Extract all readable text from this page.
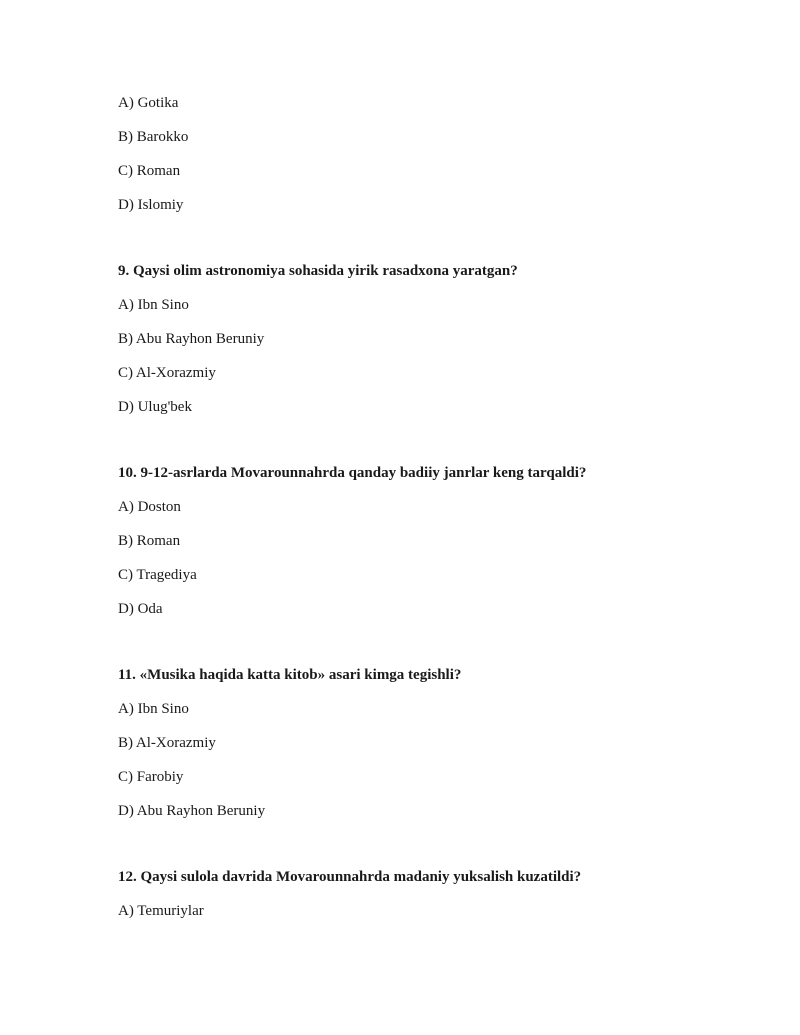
A) Gotika

B) Barokko

C) Roman

D) Islomiy

9. Qaysi olim astronomiya sohasida yirik rasadxona yaratgan?

A) Ibn Sino

B) Abu Rayhon Beruniy

C) Al-Xorazmiy

D) Ulug'bek

10. 9-12-asrlarda Movarounnahrda qanday badiiy janrlar keng tarqaldi?

A) Doston

B) Roman

C) Tragediya

D) Oda

11. «Musika haqida katta kitob» asari kimga tegishli?

A) Ibn Sino

B) Al-Xorazmiy

C) Farobiy

D) Abu Rayhon Beruniy

12. Qaysi sulola davrida Movarounnahrda madaniy yuksalish kuzatildi?

A) Temuriylar
